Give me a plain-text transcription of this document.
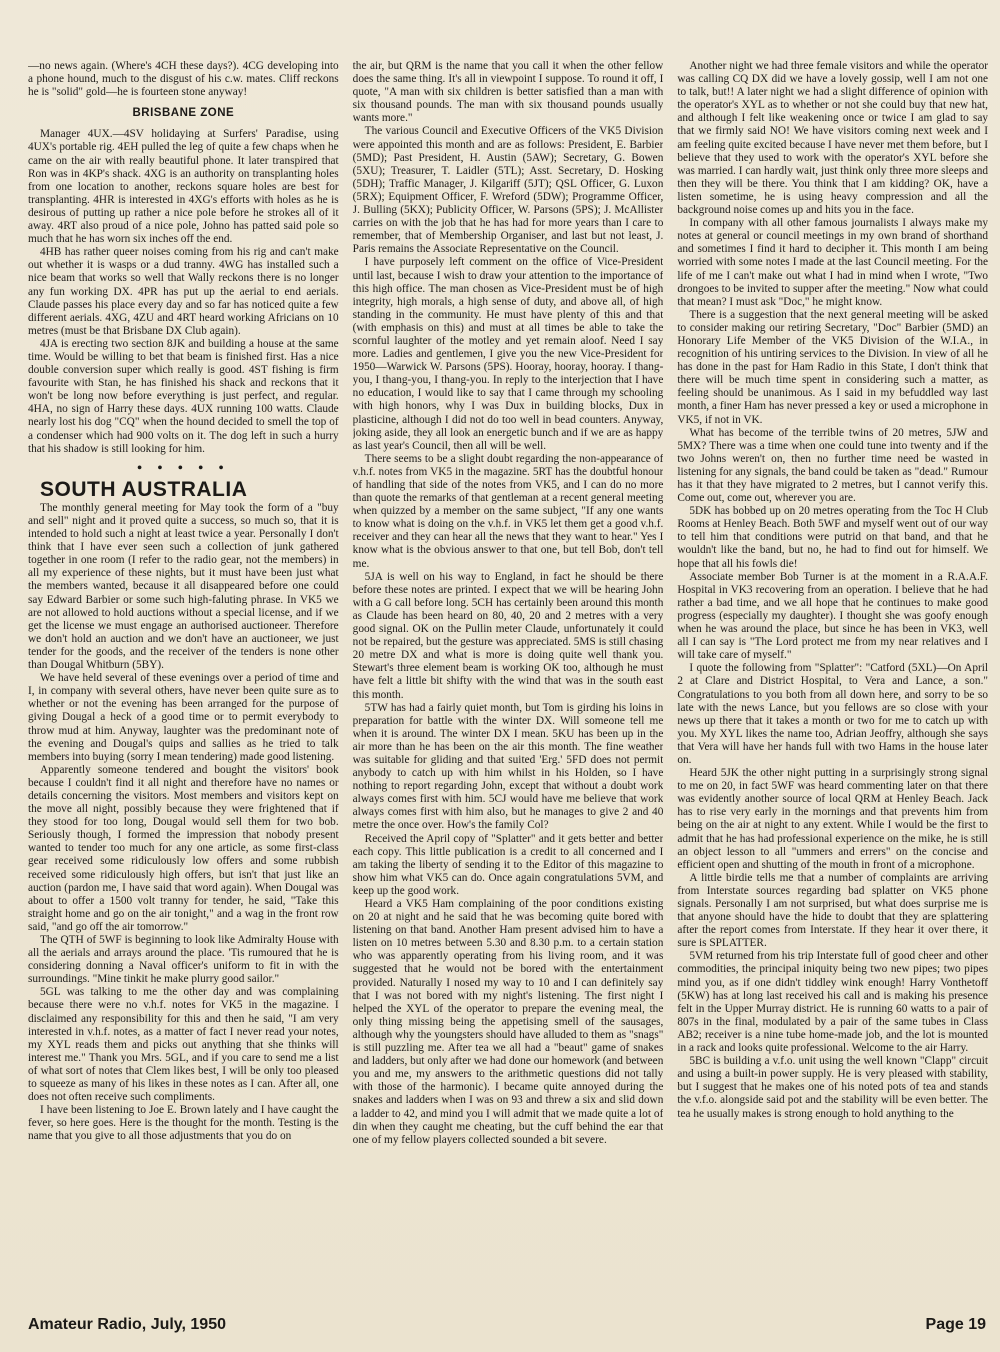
—no news again. (Where's 4CH these days?). 4CG developing into a phone hound, much to the disgust of his c.w. mates. Cliff reckons he is "solid" gold—he is fourteen stone anyway!

BRISBANE ZONE

Manager 4UX.—4SV holidaying at Surfers' Paradise, using 4UX's portable rig. 4EH pulled the leg of quite a few chaps when he came on the air with really beautiful phone. It later transpired that Ron was in 4KP's shack. 4XG is an authority on transplanting holes from one location to another, reckons square holes are best for transplanting. 4HR is interested in 4XG's efforts with holes as he is desirous of putting up rather a nice pole before he strokes all of it away. 4RT also proud of a nice pole, Johno has patted said pole so much that he has worn six inches off the end.

4HB has rather queer noises coming from his rig and can't make out whether it is wasps or a dud tranny. 4WG has installed such a nice beam that works so well that Wally reckons there is no longer any fun working DX. 4PR has put up the aerial to end aerials. Claude passes his place every day and so far has noticed quite a few different aerials. 4XG, 4ZU and 4RT heard working Africians on 10 metres (must be that Brisbane DX Club again).

4JA is erecting two section 8JK and building a house at the same time. Would be willing to bet that beam is finished first. Has a nice double conversion super which really is good. 4ST fishing is firm favourite with Stan, he has finished his shack and reckons that it won't be long now before everything is just perfect, and regular. 4HA, no sign of Harry these days. 4UX running 100 watts. Claude nearly lost his dog "CQ" when the hound decided to smell the top of a condenser which had 900 volts on it. The dog left in such a hurry that his shadow is still looking for him.

• • • • •
SOUTH AUSTRALIA

The monthly general meeting for May took the form of a "buy and sell" night and it proved quite a success, so much so, that it is intended to hold such a night at least twice a year. Personally I don't think that I have ever seen such a collection of junk gathered together in one room (I refer to the radio gear, not the members) in all my experience of these nights, but it must have been just what the members wanted, because it all disappeared before one could say Edward Barbier or some such high-faluting phrase. In VK5 we are not allowed to hold auctions without a special license, and if we get the license we must engage an authorised auctioneer. Therefore we don't hold an auction and we don't have an auctioneer, we just tender for the goods, and the receiver of the tenders is none other than Dougal Whitburn (5BY).

We have held several of these evenings over a period of time and I, in company with several others, have never been quite sure as to whether or not the evening has been arranged for the purpose of giving Dougal a heck of a good time or to permit everybody to throw mud at him. Anyway, laughter was the predominant note of the evening and Dougal's quips and sallies as he tried to talk members into buying (sorry I mean tendering) made good listening.

Apparently someone tendered and bought the visitors' book because I couldn't find it all night and therefore have no names or details concerning the visitors. Most members and visitors kept on the move all night, possibly because they were frightened that if they stood for too long, Dougal would sell them for two bob. Seriously though, I formed the impression that nobody present wanted to tender too much for any one article, as some first-class gear received some ridiculously low offers and some rubbish received some ridiculously high offers, but isn't that just like an auction (pardon me, I have said that word again). When Dougal was about to offer a 1500 volt tranny for tender, he said, "Take this straight home and go on the air tonight," and a wag in the front row said, "and go off the air tomorrow."

The QTH of 5WF is beginning to look like Admiralty House with all the aerials and arrays around the place. 'Tis rumoured that he is considering donning a Naval officer's uniform to fit in with the surroundings. "Mine tinkit he make plurry good sailor."

5GL was talking to me the other day and was complaining because there were no v.h.f. notes for VK5 in the magazine. I disclaimed any responsibility for this and then he said, "I am very interested in v.h.f. notes, as a matter of fact I never read your notes, my XYL reads them and picks out anything that she thinks will interest me." Thank you Mrs. 5GL, and if you care to send me a list of what sort of notes that Clem likes best, I will be only too pleased to squeeze as many of his likes in these notes as I can. After all, one does not often receive such compliments.

I have been listening to Joe E. Brown lately and I have caught the fever, so here goes. Here is the thought for the month. Testing is the name that you give to all those adjustments that you do on

the air, but QRM is the name that you call it when the other fellow does the same thing. It's all in viewpoint I suppose. To round it off, I quote, "A man with six children is better satisfied than a man with six thousand pounds. The man with six thousand pounds usually wants more."

The various Council and Executive Officers of the VK5 Division were appointed this month and are as follows: President, E. Barbier (5MD); Past President, H. Austin (5AW); Secretary, G. Bowen (5XU); Treasurer, T. Laidler (5TL); Asst. Secretary, D. Hosking (5DH); Traffic Manager, J. Kilgariff (5JT); QSL Officer, G. Luxon (5RX); Equipment Officer, F. Wreford (5DW); Programme Officer, J. Bulling (5KX); Publicity Officer, W. Parsons (5PS); J. McAllister carries on with the job that he has had for more years than I care to remember, that of Membership Organiser, and last but not least, J. Paris remains the Associate Representative on the Council.

I have purposely left comment on the office of Vice-President until last, because I wish to draw your attention to the importance of this high office. The man chosen as Vice-President must be of high integrity, high morals, a high sense of duty, and above all, of high standing in the community. He must have plenty of this and that (with emphasis on this) and must at all times be able to take the scornful laughter of the motley and yet remain aloof. Need I say more. Ladies and gentlemen, I give you the new Vice-President for 1950—Warwick W. Parsons (5PS). Hooray, hooray, hooray. I thang-you, I thang-you, I thang-you. In reply to the interjection that I have no education, I would like to say that I came through my schooling with high honors, why I was Dux in building blocks, Dux in plasticine, although I did not do too well in bead counters. Anyway, joking aside, they all look an energetic bunch and if we are as happy as last year's Council, then all will be well.

There seems to be a slight doubt regarding the non-appearance of v.h.f. notes from VK5 in the magazine. 5RT has the doubtful honour of handling that side of the notes from VK5, and I can do no more than quote the remarks of that gentleman at a recent general meeting when quizzed by a member on the same subject, "If any one wants to know what is doing on the v.h.f. in VK5 let them get a good v.h.f. receiver and they can hear all the news that they want to hear." Yes I know what is the obvious answer to that one, but tell Bob, don't tell me.

5JA is well on his way to England, in fact he should be there before these notes are printed. I expect that we will be hearing John with a G call before long. 5CH has certainly been around this month as Claude has been heard on 80, 40, 20 and 2 metres with a very good signal. OK on the Pullin meter Claude, unfortunately it could not be repaired, but the gesture was appreciated. 5MS is still chasing 20 metre DX and what is more is doing quite well thank you. Stewart's three element beam is working OK too, although he must have felt a little bit shifty with the wind that was in the south east this month.

5TW has had a fairly quiet month, but Tom is girding his loins in preparation for battle with the winter DX. Will someone tell me when it is around. The winter DX I mean. 5KU has been up in the air more than he has been on the air this month. The fine weather was suitable for gliding and that suited 'Erg.' 5FD does not permit anybody to catch up with him whilst in his Holden, so I have nothing to report regarding John, except that without a doubt work always comes first with him. 5CJ would have me believe that work always comes first with him also, but he manages to give 2 and 40 metre the once over. How's the family Col?

Received the April copy of "Splatter" and it gets better and better each copy. This little publication is a credit to all concerned and I am taking the liberty of sending it to the Editor of this magazine to show him what VK5 can do. Once again congratulations 5VM, and keep up the good work.

Heard a VK5 Ham complaining of the poor conditions existing on 20 at night and he said that he was becoming quite bored with listening on that band. Another Ham present advised him to have a listen on 10 metres between 5.30 and 8.30 p.m. to a certain station who was apparently operating from his living room, and it was suggested that he would not be bored with the entertainment provided. Naturally I nosed my way to 10 and I can definitely say that I was not bored with my night's listening. The first night I helped the XYL of the operator to prepare the evening meal, the only thing missing being the appetising smell of the sausages, although why the youngsters should have alluded to them as "snags" is still puzzling me. After tea we all had a "beaut" game of snakes and ladders, but only after we had done our homework (and between you and me, my answers to the arithmetic questions did not tally with those of the harmonic). I became quite annoyed during the snakes and ladders when I was on 93 and threw a six and slid down a ladder to 42, and mind you I will admit that we made quite a lot of din when they caught me cheating, but the cuff behind the ear that one of my fellow players collected sounded a bit severe.

Another night we had three female visitors and while the operator was calling CQ DX did we have a lovely gossip, well I am not one to talk, but!! A later night we had a slight difference of opinion with the operator's XYL as to whether or not she could buy that new hat, and although I felt like weakening once or twice I am glad to say that we firmly said NO! We have visitors coming next week and I am feeling quite excited because I have never met them before, but I believe that they used to work with the operator's XYL before she was married. I can hardly wait, just think only three more sleeps and then they will be there. You think that I am kidding? OK, have a listen sometime, he is using heavy compression and all the background noise comes up and hits you in the face.

In company with all other famous journalists I always make my notes at general or council meetings in my own brand of shorthand and sometimes I find it hard to decipher it. This month I am being worried with some notes I made at the last Council meeting. For the life of me I can't make out what I had in mind when I wrote, "Two drongoes to be invited to supper after the meeting." Now what could that mean? I must ask "Doc," he might know.

There is a suggestion that the next general meeting will be asked to consider making our retiring Secretary, "Doc" Barbier (5MD) an Honorary Life Member of the VK5 Division of the W.I.A., in recognition of his untiring services to the Division. In view of all he has done in the past for Ham Radio in this State, I don't think that there will be much time spent in considering such a matter, as feeling should be unanimous. As I said in my befuddled way last month, a finer Ham has never pressed a key or used a microphone in VK5, if not in VK.

What has become of the terrible twins of 20 metres, 5JW and 5MX? There was a time when one could tune into twenty and if the two Johns weren't on, then no further time need be wasted in listening for any signals, the band could be taken as "dead." Rumour has it that they have migrated to 2 metres, but I cannot verify this. Come out, come out, wherever you are.

5DK has bobbed up on 20 metres operating from the Toc H Club Rooms at Henley Beach. Both 5WF and myself went out of our way to tell him that conditions were putrid on that band, and that he wouldn't like the band, but no, he had to find out for himself. We hope that all his fowls die!

Associate member Bob Turner is at the moment in a R.A.A.F. Hospital in VK3 recovering from an operation. I believe that he had rather a bad time, and we all hope that he continues to make good progress (especially my daughter). I thought she was goofy enough when he was around the place, but since he has been in VK3, well all I can say is "The Lord protect me from my near relatives and I will take care of myself."

I quote the following from "Splatter": "Catford (5XL)—On April 2 at Clare and District Hospital, to Vera and Lance, a son." Congratulations to you both from all down here, and sorry to be so late with the news Lance, but you fellows are so close with your news up there that it takes a month or two for me to catch up with you. My XYL likes the name too, Adrian Jeoffry, although she says that Vera will have her hands full with two Hams in the house later on.

Heard 5JK the other night putting in a surprisingly strong signal to me on 20, in fact 5WF was heard commenting later on that there was evidently another source of local QRM at Henley Beach. Jack has to rise very early in the mornings and that prevents him from being on the air at night to any extent. While I would be the first to admit that he has had professional experience on the mike, he is still an object lesson to all "ummers and errers" on the concise and efficient open and shutting of the mouth in front of a microphone.

A little birdie tells me that a number of complaints are arriving from Interstate sources regarding bad splatter on VK5 phone signals. Personally I am not surprised, but what does surprise me is that anyone should have the hide to doubt that they are splattering after the report comes from Interstate. If they hear it over there, it sure is SPLATTER.

5VM returned from his trip Interstate full of good cheer and other commodities, the principal iniquity being two new pipes; two pipes mind you, as if one didn't tiddley wink enough! Harry Vonthetoff (5KW) has at long last received his call and is making his presence felt in the Upper Murray district. He is running 60 watts to a pair of 807s in the final, modulated by a pair of the same tubes in Class AB2; receiver is a nine tube home-made job, and the lot is mounted in a rack and looks quite professional. Welcome to the air Harry.

5BC is building a v.f.o. unit using the well known "Clapp" circuit and using a built-in power supply. He is very pleased with stability, but I suggest that he makes one of his noted pots of tea and stands the v.f.o. alongside said pot and the stability will be even better. The tea he usually makes is strong enough to hold anything to the

Amateur Radio, July, 1950	Page 19
